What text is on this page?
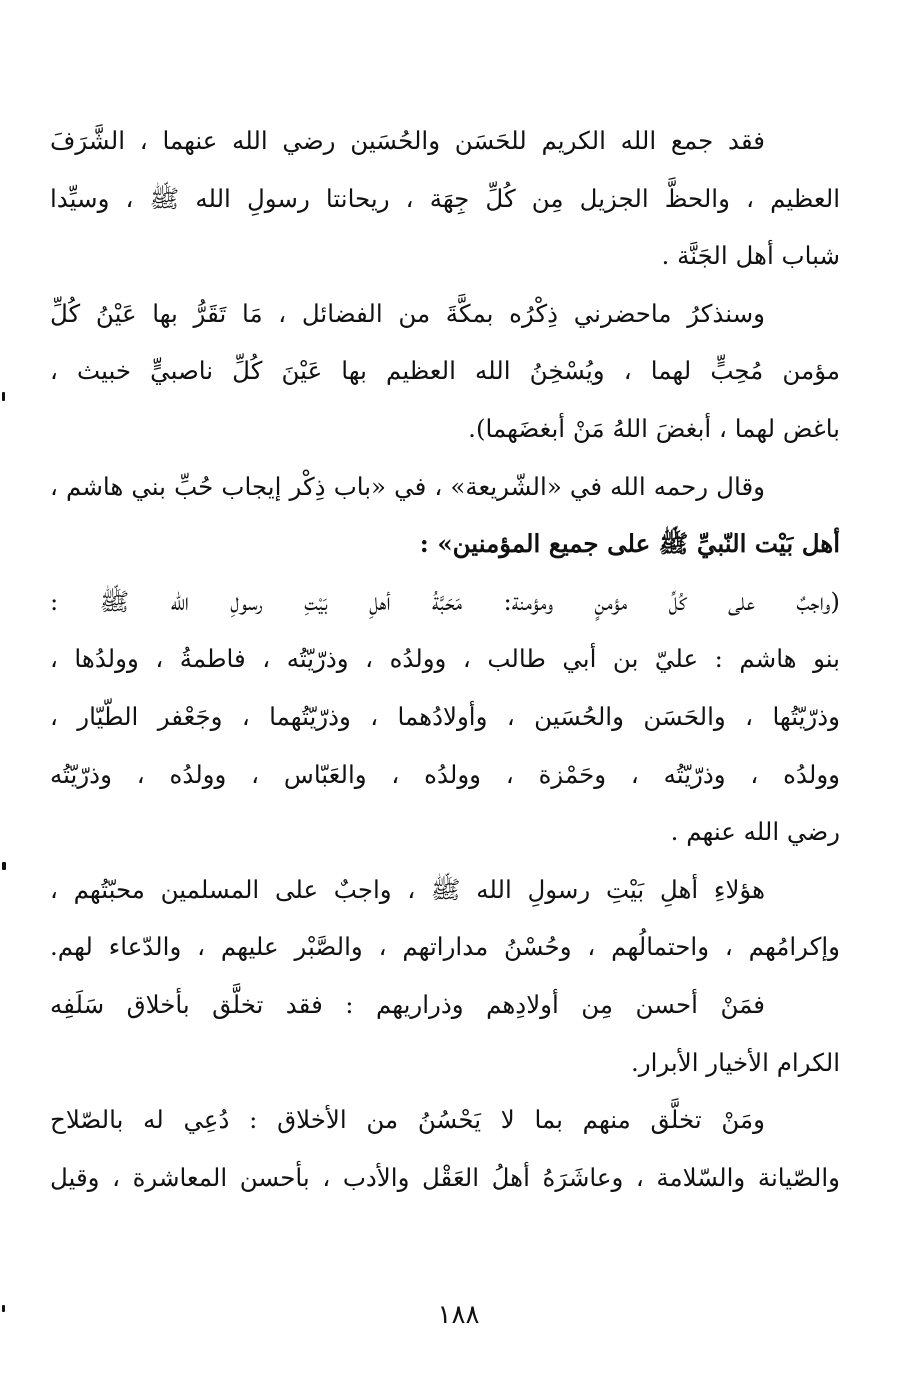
فقد جمع الله الكريم للحَسَن والحُسَين رضي الله عنهما ، الشَّرَفَ
العظيم ، والحظَّ الجزيل مِن كُلِّ جِهَة ، ريحانتا رسولِ الله ﷺ ، وسيِّدا
شباب أهل الجَنَّة .
وسنذكرُ ماحضرني ذِكْرُه بمكَّةَ من الفضائل ، مَا تَقَرُّ بها عَيْنُ كُلِّ
مؤمن مُحِبٍّ لهما ، ويُسْخِنُ الله العظيم بها عَيْنَ كُلِّ ناصبيٍّ خبيث ،
باغض لهما ، أبغضَ اللهُ مَنْ أبغضَهما).
وقال رحمه الله في «الشّريعة» ، في «باب ذِكْر إيجاب حُبِّ بني هاشم ،
أهل بَيْت النّبيِّ ﷺ على جميع المؤمنين» :
(واجبٌ على كُلِّ مؤمنٍ ومؤمنة: مَحَبَّةُ أهلِ بَيْتِ رسولِ الله ﷺ :
بنو هاشم : عليّ بن أبي طالب ، وولدُه ، وذرّيّتُه ، فاطمةُ ، وولدُها ،
وذرّيّتُها ، والحَسَن والحُسَين ، وأولادُهما ، وذرّيّتُهما ، وجَعْفر الطّيّار ،
وولدُه ، وذرّيّتُه ، وحَمْزة ، وولدُه ، والعَبّاس ، وولدُه ، وذرّيّتُه
رضي الله عنهم .
هؤلاءِ أهلِ بَيْتِ رسولِ الله ﷺ ، واجبٌ على المسلمين محبّتُهم ،
وإكرامُهم ، واحتمالُهم ، وحُسْنُ مداراتهم ، والصَّبْر عليهم ، والدّعاء لهم.
فمَنْ أحسن مِن أولادِهم وذراريهم : فقد تخلَّق بأخلاق سَلَفِه
الكرام الأخيار الأبرار.
ومَنْ تخلَّق منهم بما لا يَحْسُنُ من الأخلاق : دُعِي له بالصّلاح
والصّيانة والسّلامة ، وعاشَرَهُ أهلُ العَقْل والأدب ، بأحسن المعاشرة ، وقيل
١٨٨
